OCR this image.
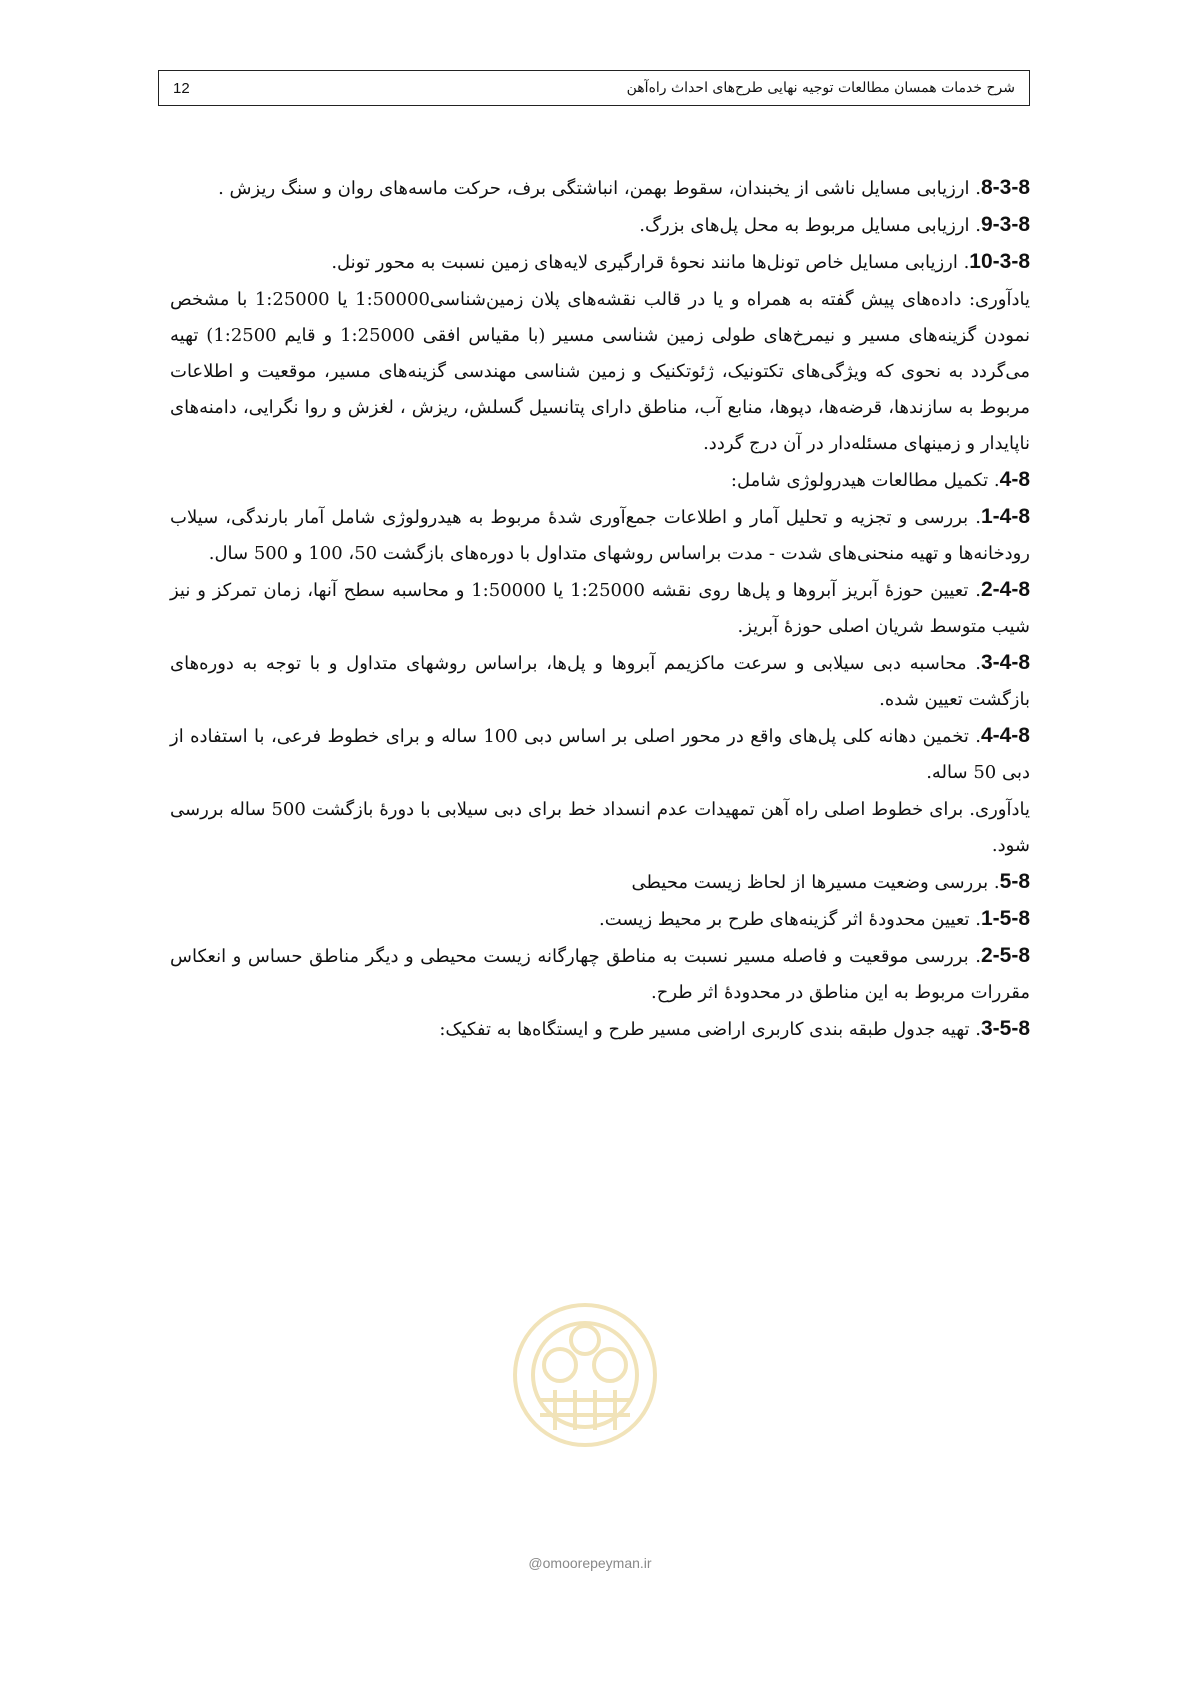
شرح خدمات همسان مطالعات توجیه نهایی طرح‌های احداث راه‌آهن
12

8-3-8. ارزیابی مسایل ناشی از یخبندان، سقوط بهمن، انباشتگی برف، حرکت ماسه‌های روان و سنگ ریزش .

9-3-8. ارزیابی مسایل مربوط به محل پل‌های بزرگ.

10-3-8. ارزیابی مسایل خاص تونل‌ها مانند نحوهٔ قرارگیری لایه‌های زمین نسبت به محور تونل.

یادآوری: داده‌های پیش گفته به همراه و یا در قالب نقشه‌های پلان زمین‌شناسی1:50000 یا 1:25000 با مشخص نمودن گزینه‌های مسیر و نیمرخ‌های طولی زمین شناسی مسیر (با مقیاس افقی 1:25000 و قایم 1:2500) تهیه می‌گردد به نحوی که ویژگی‌های تکتونیک، ژئوتکنیک و زمین شناسی مهندسی گزینه‌های مسیر، موقعیت و اطلاعات مربوط به سازندها، قرضه‌ها، دپوها، منابع آب، مناطق دارای پتانسیل گسلش، ریزش ، لغزش و روا نگرایی، دامنه‌های ناپایدار و زمینهای مسئله‌دار در آن درج گردد.

4-8. تکمیل مطالعات هیدرولوژی شامل:

1-4-8. بررسی و تجزیه و تحلیل آمار و اطلاعات جمع‌آوری شدهٔ مربوط به هیدرولوژی شامل آمار بارندگی، سیلاب رودخانه‌ها و تهیه منحنی‌های شدت - مدت براساس روشهای متداول با دوره‌های بازگشت 50، 100 و 500 سال.

2-4-8. تعیین حوزهٔ آبریز آبروها و پل‌ها روی نقشه 1:25000 یا 1:50000 و محاسبه سطح آنها، زمان تمرکز و نیز شیب متوسط شریان اصلی حوزهٔ آبریز.

3-4-8. محاسبه دبی سیلابی و سرعت ماکزیمم آبروها و پل‌ها، براساس روشهای متداول و با توجه به دوره‌های بازگشت تعیین شده.

4-4-8. تخمین دهانه کلی پل‌های واقع در محور اصلی بر اساس دبی 100 ساله و برای خطوط فرعی، با استفاده از دبی 50 ساله.

یادآوری. برای خطوط اصلی راه آهن تمهیدات عدم انسداد خط برای دبی سیلابی با دورهٔ بازگشت 500 ساله بررسی شود.

5-8. بررسی وضعیت مسیرها از لحاظ زیست محیطی

1-5-8. تعیین محدودهٔ اثر گزینه‌های طرح بر محیط زیست.

2-5-8. بررسی موقعیت و فاصله مسیر نسبت به مناطق چهارگانه زیست محیطی و دیگر مناطق حساس و انعکاس مقررات مربوط به این مناطق در محدودهٔ اثر طرح.

3-5-8. تهیه جدول طبقه بندی کاربری اراضی مسیر طرح و ایستگاه‌ها به تفکیک:

@omoorepeyman.ir
